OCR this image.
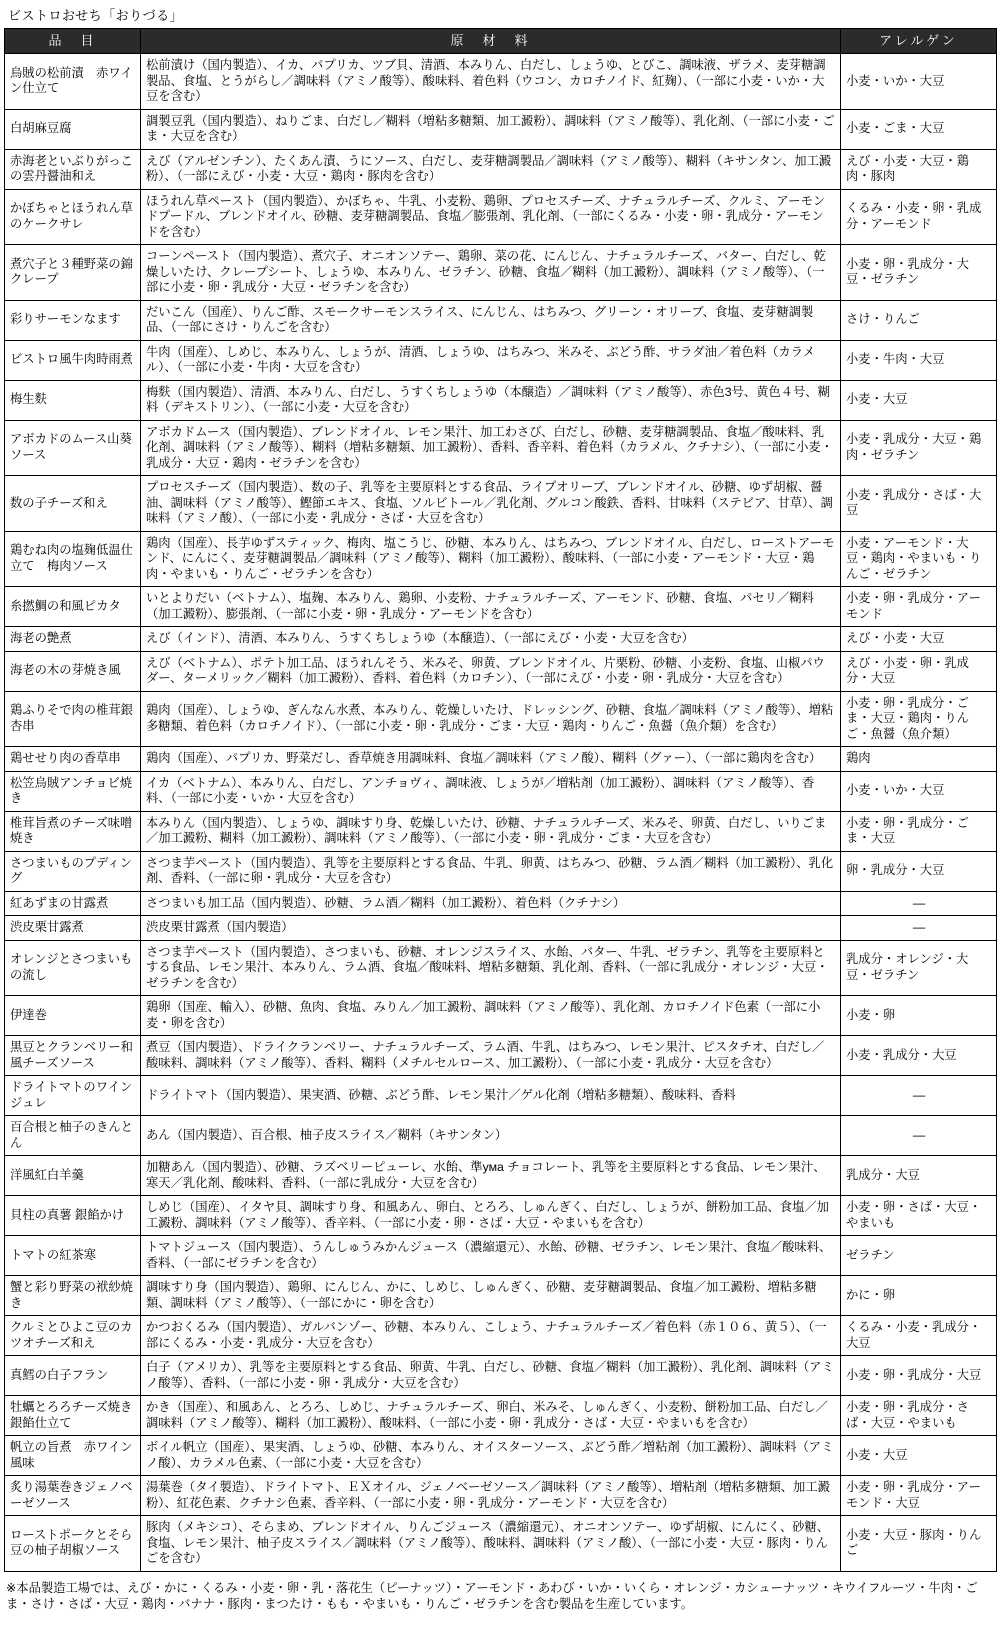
ビストロおせち「おりづる」
品　目	原　材　料	アレルゲン
烏賊の松前漬　赤ワイン仕立て	松前漬け（国内製造）、イカ、パプリカ、ツブ貝、清酒、本みりん、白だし、しょうゆ、とびこ、調味液、ザラメ、麦芽糖調製品、食塩、とうがらし／調味料（アミノ酸等）、酸味料、着色料（ウコン、カロチノイド、紅麹）、（一部に小麦・いか・大豆を含む）	小麦・いか・大豆
白胡麻豆腐	調製豆乳（国内製造）、ねりごま、白だし／糊料（増粘多糖類、加工澱粉）、調味料（アミノ酸等）、乳化剤、（一部に小麦・ごま・大豆を含む）	小麦・ごま・大豆
赤海老といぶりがっこの雲丹醤油和え	えび（アルゼンチン）、たくあん漬、うにソース、白だし、麦芽糖調製品／調味料（アミノ酸等）、糊料（キサンタン、加工澱粉）、（一部にえび・小麦・大豆・鶏肉・豚肉を含む）	えび・小麦・大豆・鶏肉・豚肉
かぼちゃとほうれん草のケークサレ	ほうれん草ペースト（国内製造）、かぼちゃ、牛乳、小麦粉、鶏卵、プロセスチーズ、ナチュラルチーズ、クルミ、アーモンドプードル、ブレンドオイル、砂糖、麦芽糖調製品、食塩／膨張剤、乳化剤、（一部にくるみ・小麦・卵・乳成分・アーモンドを含む）	くるみ・小麦・卵・乳成分・アーモンド
煮穴子と３種野菜の錦クレープ	コーンペースト（国内製造）、煮穴子、オニオンソテー、鶏卵、菜の花、にんじん、ナチュラルチーズ、バター、白だし、乾燥しいたけ、クレープシート、しょうゆ、本みりん、ゼラチン、砂糖、食塩／糊料（加工澱粉）、調味料（アミノ酸等）、（一部に小麦・卵・乳成分・大豆・ゼラチンを含む）	小麦・卵・乳成分・大豆・ゼラチン
彩りサーモンなます	だいこん（国産）、りんご酢、スモークサーモンスライス、にんじん、はちみつ、グリーン・オリーブ、食塩、麦芽糖調製品、（一部にさけ・りんごを含む）	さけ・りんご
ビストロ風牛肉時雨煮	牛肉（国産）、しめじ、本みりん、しょうが、清酒、しょうゆ、はちみつ、米みそ、ぶどう酢、サラダ油／着色料（カラメル）、（一部に小麦・牛肉・大豆を含む）	小麦・牛肉・大豆
梅生麩	梅麩（国内製造）、清酒、本みりん、白だし、うすくちしょうゆ（本醸造）／調味料（アミノ酸等）、赤色3号、黄色４号、糊料（デキストリン）、（一部に小麦・大豆を含む）	小麦・大豆
アボカドのムース山葵ソース	アボカドムース（国内製造）、ブレンドオイル、レモン果汁、加工わさび、白だし、砂糖、麦芽糖調製品、食塩／酸味料、乳化剤、調味料（アミノ酸等）、糊料（増粘多糖類、加工澱粉）、香料、香辛料、着色料（カラメル、クチナシ）、（一部に小麦・乳成分・大豆・鶏肉・ゼラチンを含む）	小麦・乳成分・大豆・鶏肉・ゼラチン
数の子チーズ和え	プロセスチーズ（国内製造）、数の子、乳等を主要原料とする食品、ライプオリーブ、ブレンドオイル、砂糖、ゆず胡椒、醤油、調味料（アミノ酸等）、鰹節エキス、食塩、ソルビトール／乳化剤、グルコン酸鉄、香料、甘味料（ステビア、甘草）、調味料（アミノ酸）、（一部に小麦・乳成分・さば・大豆を含む）	小麦・乳成分・さば・大豆
鶏むね肉の塩麹低温仕立て　梅肉ソース	鶏肉（国産）、長芋ゆずスティック、梅肉、塩こうじ、砂糖、本みりん、はちみつ、ブレンドオイル、白だし、ローストアーモンド、にんにく、麦芽糖調製品／調味料（アミノ酸等）、糊料（加工澱粉）、酸味料、（一部に小麦・アーモンド・大豆・鶏肉・やまいも・りんご・ゼラチンを含む）	小麦・アーモンド・大豆・鶏肉・やまいも・りんご・ゼラチン
糸撚鯛の和風ピカタ	いとよりだい（ベトナム）、塩麹、本みりん、鶏卵、小麦粉、ナチュラルチーズ、アーモンド、砂糖、食塩、パセリ／糊料（加工澱粉）、膨張剤、（一部に小麦・卵・乳成分・アーモンドを含む）	小麦・卵・乳成分・アーモンド
海老の艶煮	えび（インド）、清酒、本みりん、うすくちしょうゆ（本醸造）、（一部にえび・小麦・大豆を含む）	えび・小麦・大豆
海老の木の芽焼き風	えび（ベトナム）、ポテト加工品、ほうれんそう、米みそ、卵黄、ブレンドオイル、片栗粉、砂糖、小麦粉、食塩、山椒パウダー、ターメリック／糊料（加工澱粉）、香料、着色料（カロチン）、（一部にえび・小麦・卵・乳成分・大豆を含む）	えび・小麦・卵・乳成分・大豆
鶏ふりそで肉の椎茸銀杏串	鶏肉（国産）、しょうゆ、ぎんなん水煮、本みりん、乾燥しいたけ、ドレッシング、砂糖、食塩／調味料（アミノ酸等）、増粘多糖類、着色料（カロチノイド）、（一部に小麦・卵・乳成分・ごま・大豆・鶏肉・りんご・魚醤（魚介類）を含む）	小麦・卵・乳成分・ごま・大豆・鶏肉・りんご・魚醤（魚介類）
鶏せせり肉の香草串	鶏肉（国産）、パプリカ、野菜だし、香草焼き用調味料、食塩／調味料（アミノ酸）、糊料（グァー）、（一部に鶏肉を含む）	鶏肉
松笠烏賊アンチョビ焼き	イカ（ベトナム）、本みりん、白だし、アンチョヴィ、調味液、しょうが／増粘剤（加工澱粉）、調味料（アミノ酸等）、香料、（一部に小麦・いか・大豆を含む）	小麦・いか・大豆
椎茸旨煮のチーズ味噌焼き	本みりん（国内製造）、しょうゆ、調味すり身、乾燥しいたけ、砂糖、ナチュラルチーズ、米みそ、卵黄、白だし、いりごま／加工澱粉、糊料（加工澱粉）、調味料（アミノ酸等）、（一部に小麦・卵・乳成分・ごま・大豆を含む）	小麦・卵・乳成分・ごま・大豆
さつまいものプディング	さつま芋ペースト（国内製造）、乳等を主要原料とする食品、牛乳、卵黄、はちみつ、砂糖、ラム酒／糊料（加工澱粉）、乳化剤、香料、（一部に卵・乳成分・大豆を含む）	卵・乳成分・大豆
紅あずまの甘露煮	さつまいも加工品（国内製造）、砂糖、ラム酒／糊料（加工澱粉）、着色料（クチナシ）	—
渋皮栗甘露煮	渋皮栗甘露煮（国内製造）	—
オレンジとさつまいもの流し	さつま芋ペースト（国内製造）、さつまいも、砂糖、オレンジスライス、水飴、バター、牛乳、ゼラチン、乳等を主要原料とする食品、レモン果汁、本みりん、ラム酒、食塩／酸味料、増粘多糖類、乳化剤、香料、（一部に乳成分・オレンジ・大豆・ゼラチンを含む）	乳成分・オレンジ・大豆・ゼラチン
伊達巻	鶏卵（国産、輸入）、砂糖、魚肉、食塩、みりん／加工澱粉、調味料（アミノ酸等）、乳化剤、カロチノイド色素（一部に小麦・卵を含む）	小麦・卵
黒豆とクランベリー和風チーズソース	煮豆（国内製造）、ドライクランベリー、ナチュラルチーズ、ラム酒、牛乳、はちみつ、レモン果汁、ピスタチオ、白だし／酸味料、調味料（アミノ酸等）、香料、糊料（メチルセルロース、加工澱粉）、（一部に小麦・乳成分・大豆を含む）	小麦・乳成分・大豆
ドライトマトのワインジュレ	ドライトマト（国内製造）、果実酒、砂糖、ぶどう酢、レモン果汁／ゲル化剤（増粘多糖類）、酸味料、香料	—
百合根と柚子のきんとん	あん（国内製造）、百合根、柚子皮スライス／糊料（キサンタン）	—
洋風紅白羊羹	加糖あん（国内製造）、砂糖、ラズベリーピューレ、水飴、準ума チョコレート、乳等を主要原料とする食品、レモン果汁、寒天／乳化剤、酸味料、香料、（一部に乳成分・大豆を含む）	乳成分・大豆
貝柱の真薯 銀餡かけ	しめじ（国産）、イタヤ貝、調味すり身、和風あん、卵白、とろろ、しゅんぎく、白だし、しょうが、餅粉加工品、食塩／加工澱粉、調味料（アミノ酸等）、香辛料、（一部に小麦・卵・さば・大豆・やまいもを含む）	小麦・卵・さば・大豆・やまいも
トマトの紅茶寒	トマトジュース（国内製造）、うんしゅうみかんジュース（濃縮還元）、水飴、砂糖、ゼラチン、レモン果汁、食塩／酸味料、香料、（一部にゼラチンを含む）	ゼラチン
蟹と彩り野菜の袱紗焼き	調味すり身（国内製造）、鶏卵、にんじん、かに、しめじ、しゅんぎく、砂糖、麦芽糖調製品、食塩／加工澱粉、増粘多糖類、調味料（アミノ酸等）、（一部にかに・卵を含む）	かに・卵
クルミとひよこ豆のカツオチーズ和え	かつおくるみ（国内製造）、ガルバンゾー、砂糖、本みりん、こしょう、ナチュラルチーズ／着色料（赤１０６、黄５）、（一部にくるみ・小麦・乳成分・大豆を含む）	くるみ・小麦・乳成分・大豆
真鱈の白子フラン	白子（アメリカ）、乳等を主要原料とする食品、卵黄、牛乳、白だし、砂糖、食塩／糊料（加工澱粉）、乳化剤、調味料（アミノ酸等）、香料、（一部に小麦・卵・乳成分・大豆を含む）	小麦・卵・乳成分・大豆
牡蠣とろろチーズ焼き 銀餡仕立て	かき（国産）、和風あん、とろろ、しめじ、ナチュラルチーズ、卵白、米みそ、しゅんぎく、小麦粉、餅粉加工品、白だし／調味料（アミノ酸等）、糊料（加工澱粉）、酸味料、（一部に小麦・卵・乳成分・さば・大豆・やまいもを含む）	小麦・卵・乳成分・さば・大豆・やまいも
帆立の旨煮　赤ワイン風味	ボイル帆立（国産）、果実酒、しょうゆ、砂糖、本みりん、オイスターソース、ぶどう酢／増粘剤（加工澱粉）、調味料（アミノ酸）、カラメル色素、（一部に小麦・大豆を含む）	小麦・大豆
炙り湯葉巻きジェノベーゼソース	湯葉巻（タイ製造）、ドライトマト、ＥＸオイル、ジェノベーゼソース／調味料（アミノ酸等）、増粘剤（増粘多糖類、加工澱粉）、紅花色素、クチナシ色素、香辛料、（一部に小麦・卵・乳成分・アーモンド・大豆を含む）	小麦・卵・乳成分・アーモンド・大豆
ローストポークとそら豆の柚子胡椒ソース	豚肉（メキシコ）、そらまめ、ブレンドオイル、りんごジュース（濃縮還元）、オニオンソテー、ゆず胡椒、にんにく、砂糖、食塩、レモン果汁、柚子皮スライス／調味料（アミノ酸等）、酸味料、調味料（アミノ酸）、（一部に小麦・大豆・豚肉・りんごを含む）	小麦・大豆・豚肉・りんご
※本品製造工場では、えび・かに・くるみ・小麦・卵・乳・落花生（ピーナッツ）・アーモンド・あわび・いか・いくら・オレンジ・カシューナッツ・キウイフルーツ・牛肉・ごま・さけ・さば・大豆・鶏肉・バナナ・豚肉・まつたけ・もも・やまいも・りんご・ゼラチンを含む製品を生産しています。
